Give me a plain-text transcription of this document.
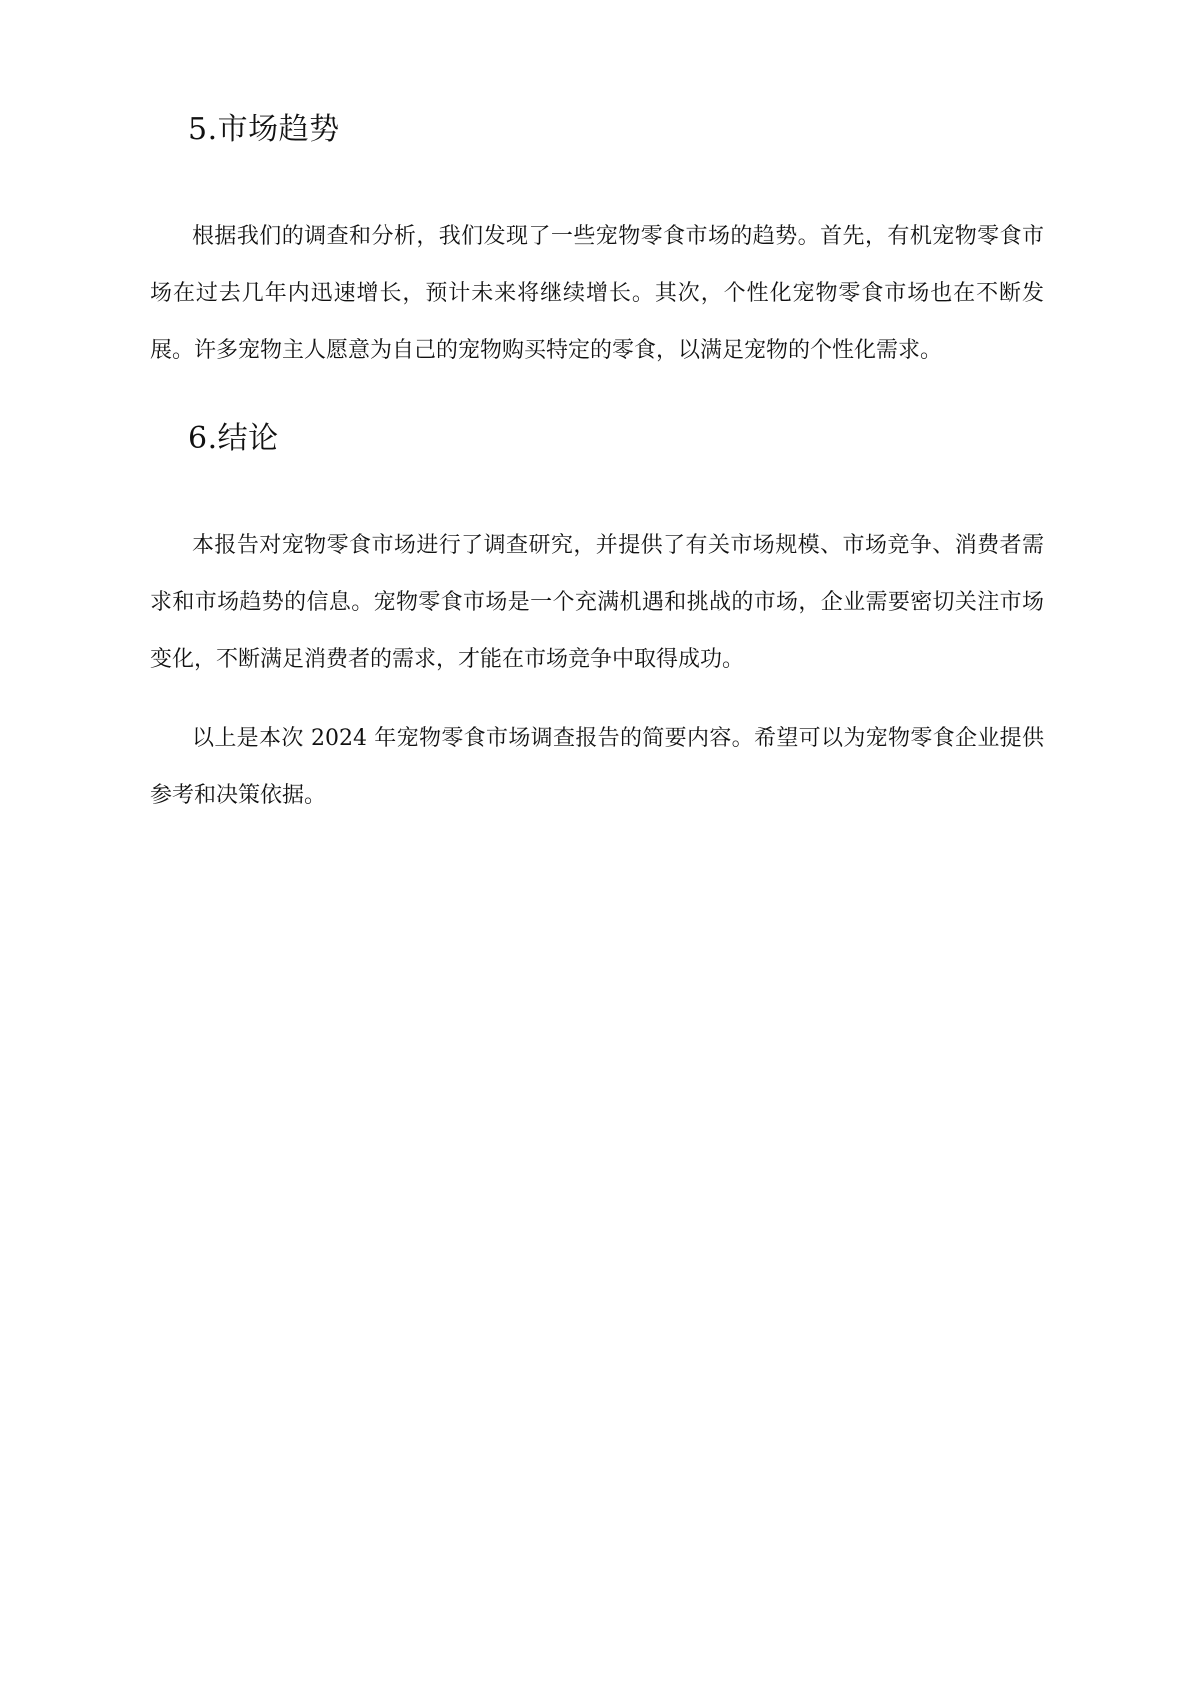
5.市场趋势

根据我们的调查和分析，我们发现了一些宠物零食市场的趋势。首先，有机宠物零食市场在过去几年内迅速增长，预计未来将继续增长。其次，个性化宠物零食市场也在不断发展。许多宠物主人愿意为自己的宠物购买特定的零食，以满足宠物的个性化需求。

6.结论

本报告对宠物零食市场进行了调查研究，并提供了有关市场规模、市场竞争、消费者需求和市场趋势的信息。宠物零食市场是一个充满机遇和挑战的市场，企业需要密切关注市场变化，不断满足消费者的需求，才能在市场竞争中取得成功。

以上是本次 2024 年宠物零食市场调查报告的简要内容。希望可以为宠物零食企业提供参考和决策依据。
